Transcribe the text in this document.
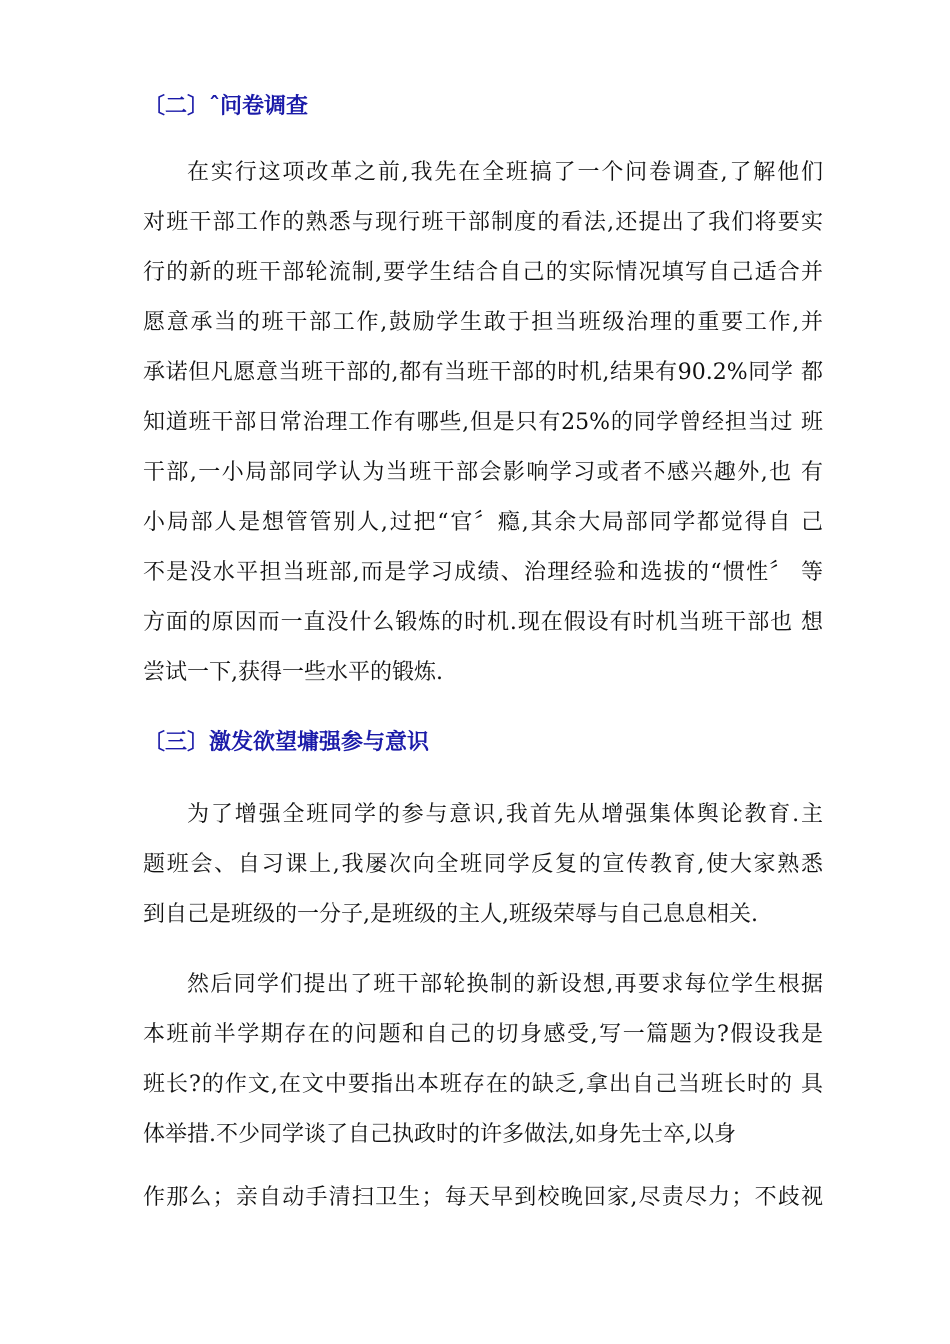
〔二〕ˆ问卷调查
在实行这项改革之前,我先在全班搞了一个问卷调查,了解他们
对班干部工作的熟悉与现行班干部制度的看法,还提出了我们将要实
行的新的班干部轮流制,要学生结合自己的实际情况填写自己适合并
愿意承当的班干部工作,鼓励学生敢于担当班级治理的重要工作,并
承诺但凡愿意当班干部的,都有当班干部的时机,结果有90.2%同学 都
知道班干部日常治理工作有哪些,但是只有25%的同学曾经担当过 班
干部,一小局部同学认为当班干部会影响学习或者不感兴趣外,也 有
小局部人是想管管别人,过把“官〞瘾,其余大局部同学都觉得自 己
不是没水平担当班部,而是学习成绩、治理经验和选拔的“惯性〞 等
方面的原因而一直没什么锻炼的时机.现在假设有时机当班干部也 想
尝试一下,获得一些水平的锻炼.
〔三〕激发欲望墉强参与意识
为了增强全班同学的参与意识,我首先从增强集体舆论教育.主
题班会、自习课上,我屡次向全班同学反复的宣传教育,使大家熟悉
到自己是班级的一分子,是班级的主人,班级荣辱与自己息息相关.
然后同学们提出了班干部轮换制的新设想,再要求每位学生根据
本班前半学期存在的问题和自己的切身感受,写一篇题为?假设我是
班长?的作文,在文中要指出本班存在的缺乏,拿出自己当班长时的 具
体举措.不少同学谈了自己执政时的许多做法,如身先士卒,以身
作那么；亲自动手清扫卫生；每天早到校晚回家,尽责尽力；不歧视
